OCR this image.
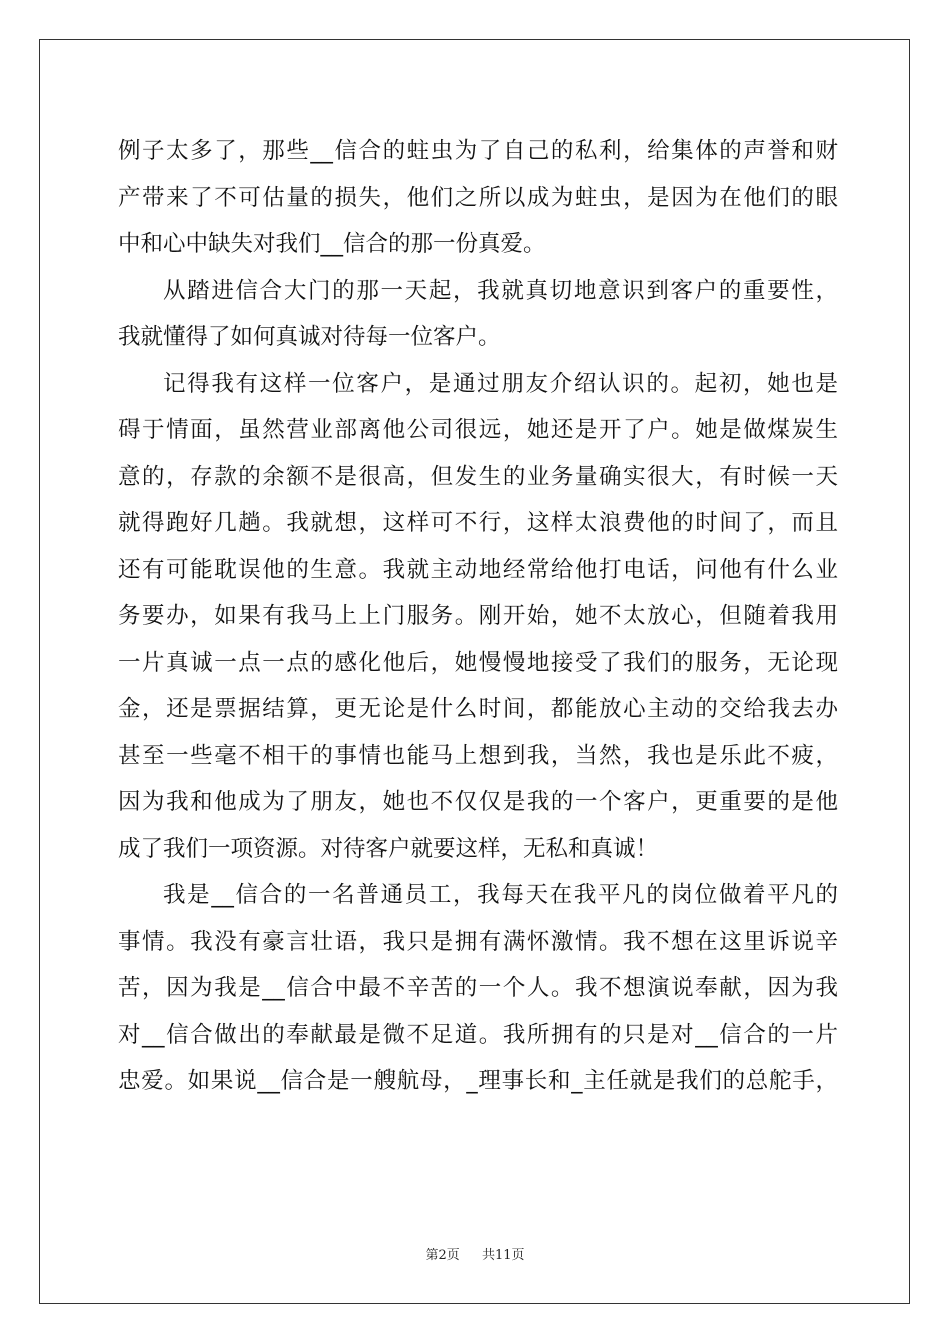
例子太多了，那些__信合的蛀虫为了自己的私利，给集体的声誉和财
产带来了不可估量的损失，他们之所以成为蛀虫，是因为在他们的眼
中和心中缺失对我们__信合的那一份真爱。
从踏进信合大门的那一天起，我就真切地意识到客户的重要性，
我就懂得了如何真诚对待每一位客户。
记得我有这样一位客户，是通过朋友介绍认识的。起初，她也是
碍于情面，虽然营业部离他公司很远，她还是开了户。她是做煤炭生
意的，存款的余额不是很高，但发生的业务量确实很大，有时候一天
就得跑好几趟。我就想，这样可不行，这样太浪费他的时间了，而且
还有可能耽误他的生意。我就主动地经常给他打电话，问他有什么业
务要办，如果有我马上上门服务。刚开始，她不太放心，但随着我用
一片真诚一点一点的感化他后，她慢慢地接受了我们的服务，无论现
金，还是票据结算，更无论是什么时间，都能放心主动的交给我去办
甚至一些毫不相干的事情也能马上想到我，当然，我也是乐此不疲，
因为我和他成为了朋友，她也不仅仅是我的一个客户，更重要的是他
成了我们一项资源。对待客户就要这样，无私和真诚！
我是__信合的一名普通员工，我每天在我平凡的岗位做着平凡的
事情。我没有豪言壮语，我只是拥有满怀激情。我不想在这里诉说辛
苦，因为我是__信合中最不辛苦的一个人。我不想演说奉献，因为我
对__信合做出的奉献最是微不足道。我所拥有的只是对__信合的一片
忠爱。如果说__信合是一艘航母，_理事长和_主任就是我们的总舵手，
第2页 共11页
